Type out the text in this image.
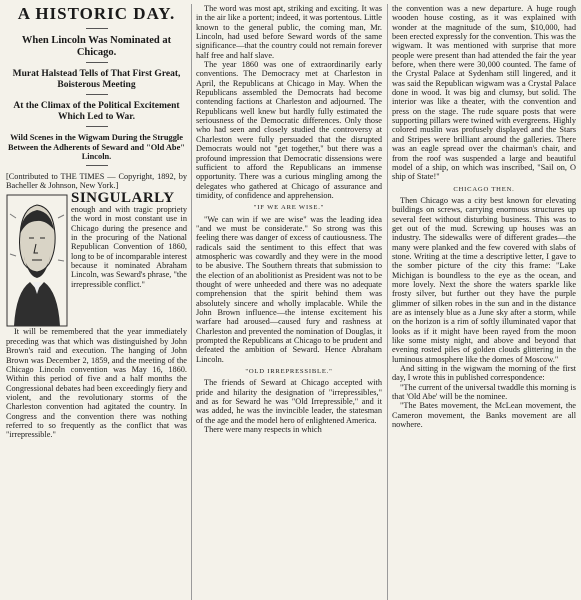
A HISTORIC DAY.
When Lincoln Was Nominated at Chicago.
Murat Halstead Tells of That First Great, Boisterous Meeting
At the Climax of the Political Excitement Which Led to War.
Wild Scenes in the Wigwam During the Struggle Between the Adherents of Seward and "Old Abe" Lincoln.

[Contributed to THE TIMES — Copyright, 1892, by Bacheller & Johnson, New York.]

SINGULARLY enough and with tragic propriety the word in most constant use in Chicago during the presence and in the procuring of the National Republican Convention of 1860, long to be of incomparable interest because it nominated Abraham Lincoln, was Seward's phrase, "the irrepressible conflict."

It will be remembered that the year immediately preceding was that which was distinguished by John Brown's raid and execution. The hanging of John Brown was December 2, 1859, and the meeting of the Chicago Lincoln convention was May 16, 1860. Within this period of five and a half months the Congressional debates had been exceedingly fiery and violent, and the revolutionary storms of the Charleston convention had agitated the country. In Congress and the convention there was nothing referred to so frequently as the conflict that was "irrepressible."

The word was most apt, striking and exciting. It was in the air like a portent; indeed, it was portentous. Little known to the general public, the coming man, Mr. Lincoln, had used before Seward words of the same significance—that the country could not remain forever half free and half slave.

The year 1860 was one of extraordinarily early conventions. The Democracy met at Charleston in April, the Republicans at Chicago in May. When the Republicans assembled the Democrats had become contending factions at Charleston and adjourned. The Republicans well knew but hardly fully estimated the seriousness of the Democratic differences. Only those who had seen and closely studied the controversy at Charleston were fully persuaded that the disrupted Democrats would not "get together," but there was a profound impression that Democratic dissensions were sufficient to afford the Republicans an immense opportunity. There was a curious mingling among the delegates who gathered at Chicago of assurance and timidity, of confidence and apprehension.

"IF WE ARE WISE."

"We can win if we are wise" was the leading idea "and we must be considerate." So strong was this feeling there was danger of excess of cautiousness. The radicals said the sentiment to this effect that was atmospheric was cowardly and they were in the mood to be abusive. The Southern threats that submission to the election of an abolitionist as President was not to be thought of were unheeded and there was no adequate comprehension that the spirit behind them was absolutely sincere and wholly implacable. While the John Brown influence—the intense excitement his warfare had aroused—caused fury and rashness at Charleston and prevented the nomination of Douglas, it prompted the Republicans at Chicago to be prudent and defeated the ambition of Seward. Hence Abraham Lincoln.

"OLD IRREPRESSIBLE."

The friends of Seward at Chicago accepted with pride and hilarity the designation of "irrepressibles," and as for Seward he was "Old Irrepressible," and it was added, he was the invincible leader, the statesman of the age and the model hero of enlightened America.

There were many respects in which

the convention was a new departure. A huge rough wooden house costing, as it was explained with wonder at the magnitude of the sum, $10,000, had been erected expressly for the convention. This was the wigwam. It was mentioned with surprise that more people were present than had attended the fair the year before, when there were 30,000 counted. The fame of the Crystal Palace at Sydenham still lingered, and it was said the Republican wigwam was a Crystal Palace done in wood. It was big and clumsy, but solid. The interior was like a theater, with the convention and press on the stage. The rude square posts that were supporting pillars were twined with evergreens. Highly colored muslin was profusely displayed and the Stars and Stripes were brilliant around the galleries. There was an eagle spread over the chairman's chair, and from the roof was suspended a large and beautiful model of a ship, on which was inscribed, "Sail on, O ship of State!"

CHICAGO THEN.

Then Chicago was a city best known for elevating buildings on screws, carrying enormous structures up several feet without disturbing business. This was to get out of the mud. Screwing up houses was an industry. The sidewalks were of different grades—the many were planked and the few covered with slabs of stone. Writing at the time a descriptive letter, I gave to the somber picture of the city this frame: "Lake Michigan is boundless to the eye as the ocean, and more lovely. Next the shore the waters sparkle like frosty silver, but further out they have the purple glimmer of silken robes in the sun and in the distance are as intensely blue as a June sky after a storm, while on the horizon is a rim of softly illuminated vapor that looks as if it might have been rayed from the moon like some misty night, and above and beyond that evening rosted piles of golden clouds glittering in the luminous atmosphere like the domes of Moscow."

And sitting in the wigwam the morning of the first day, I wrote this in published correspondence:

"The current of the universal twaddle this morning is that 'Old Abe' will be the nominee.

"The Bates movement, the McLean movement, the Cameron movement, the Banks movement are all nowhere.
